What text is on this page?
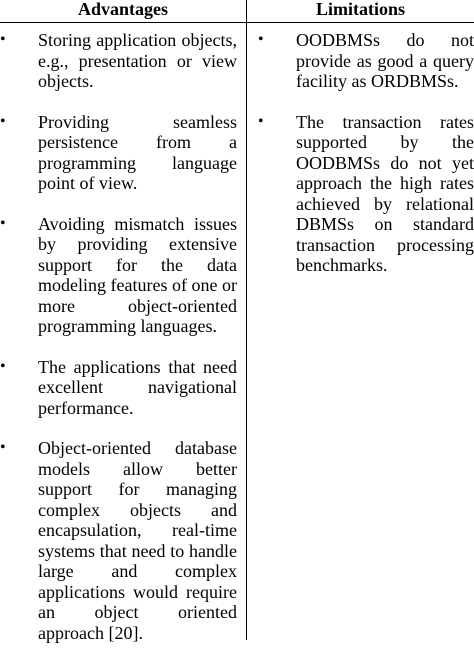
Advantages	Limitations
• Storing application objects, e.g., presentation or view objects.
• Providing seamless persistence from a programming language point of view.
• Avoiding mismatch issues by providing extensive support for the data modeling features of one or more object-oriented programming languages.
• The applications that need excellent navigational performance.
• Object-oriented database models allow better support for managing complex objects and encapsulation, real-time systems that need to handle large and complex applications would require an object oriented approach [20].
• OODBMSs do not provide as good a query facility as ORDBMSs.
• The transaction rates supported by the OODBMSs do not yet approach the high rates achieved by relational DBMSs on standard transaction processing benchmarks.
